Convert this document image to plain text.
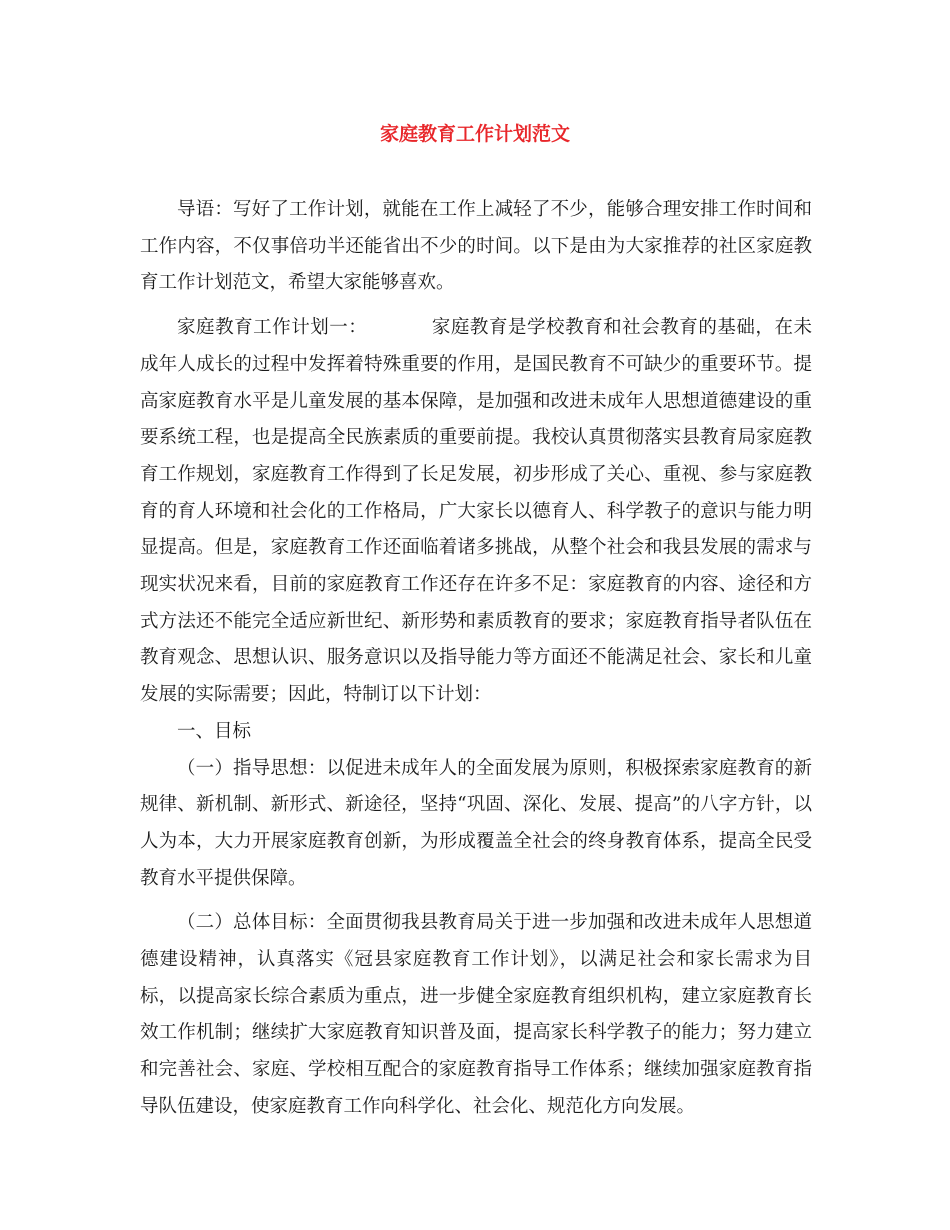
家庭教育工作计划范文

导语：写好了工作计划，就能在工作上减轻了不少，能够合理安排工作时间和工作内容，不仅事倍功半还能省出不少的时间。以下是由为大家推荐的社区家庭教育工作计划范文，希望大家能够喜欢。

家庭教育工作计划一：	家庭教育是学校教育和社会教育的基础，在未成年人成长的过程中发挥着特殊重要的作用，是国民教育不可缺少的重要环节。提高家庭教育水平是儿童发展的基本保障，是加强和改进未成年人思想道德建设的重要系统工程，也是提高全民族素质的重要前提。我校认真贯彻落实县教育局家庭教育工作规划，家庭教育工作得到了长足发展，初步形成了关心、重视、参与家庭教育的育人环境和社会化的工作格局，广大家长以德育人、科学教子的意识与能力明显提高。但是，家庭教育工作还面临着诸多挑战，从整个社会和我县发展的需求与现实状况来看，目前的家庭教育工作还存在许多不足：家庭教育的内容、途径和方式方法还不能完全适应新世纪、新形势和素质教育的要求；家庭教育指导者队伍在教育观念、思想认识、服务意识以及指导能力等方面还不能满足社会、家长和儿童发展的实际需要；因此，特制订以下计划：

一、目标

（一）指导思想：以促进未成年人的全面发展为原则，积极探索家庭教育的新规律、新机制、新形式、新途径，坚持“巩固、深化、发展、提高”的八字方针，以人为本，大力开展家庭教育创新，为形成覆盖全社会的终身教育体系，提高全民受教育水平提供保障。

（二）总体目标：全面贯彻我县教育局关于进一步加强和改进未成年人思想道德建设精神，认真落实《冠县家庭教育工作计划》，以满足社会和家长需求为目标，以提高家长综合素质为重点，进一步健全家庭教育组织机构，建立家庭教育长效工作机制；继续扩大家庭教育知识普及面，提高家长科学教子的能力；努力建立和完善社会、家庭、学校相互配合的家庭教育指导工作体系；继续加强家庭教育指导队伍建设，使家庭教育工作向科学化、社会化、规范化方向发展。
